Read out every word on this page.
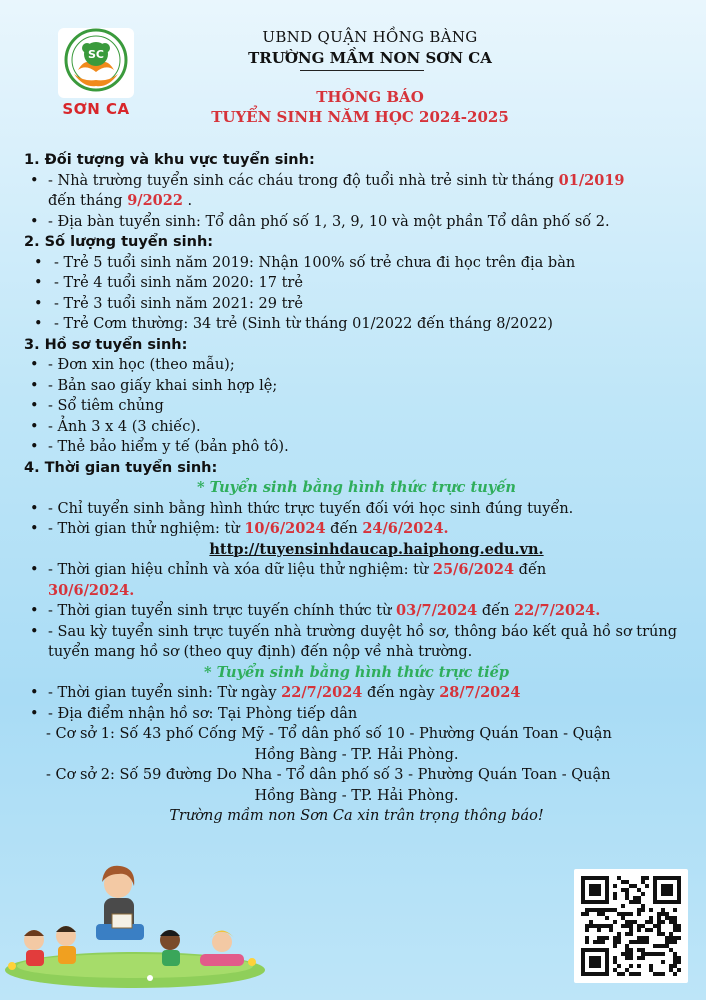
SC
SƠN CA
UBND QUẬN HỒNG BÀNG
TRƯỜNG MẦM NON SƠN CA
THÔNG BÁO
TUYỂN SINH NĂM HỌC 2024-2025
1. Đối tượng và khu vực tuyển sinh:
• - Nhà trường tuyển sinh các cháu trong độ tuổi nhà trẻ sinh từ tháng 01/2019
đến tháng 9/2022 .
• - Địa bàn tuyển sinh: Tổ dân phố số 1, 3, 9, 10 và một phần Tổ dân phố số 2.
2. Số lượng tuyển sinh:
• - Trẻ 5 tuổi sinh năm 2019: Nhận 100% số trẻ chưa đi học trên địa bàn
• - Trẻ 4 tuổi sinh năm 2020: 17 trẻ
• - Trẻ 3 tuổi sinh năm 2021: 29 trẻ
• - Trẻ Cơm thường: 34 trẻ (Sinh từ tháng 01/2022 đến tháng 8/2022)
3. Hồ sơ tuyển sinh:
• - Đơn xin học (theo mẫu);
• - Bản sao giấy khai sinh hợp lệ;
• - Sổ tiêm chủng
• - Ảnh 3 x 4 (3 chiếc).
• - Thẻ bảo hiểm y tế (bản phô tô).
4. Thời gian tuyển sinh:
* Tuyển sinh bằng hình thức trực tuyến
• - Chỉ tuyển sinh bằng hình thức trực tuyến đối với học sinh đúng tuyển.
• - Thời gian thử nghiệm: từ 10/6/2024 đến 24/6/2024.
http://tuyensinhdaucap.haiphong.edu.vn.
• - Thời gian hiệu chỉnh và xóa dữ liệu thử nghiệm: từ 25/6/2024 đến
30/6/2024.
• - Thời gian tuyển sinh trực tuyến chính thức từ 03/7/2024 đến 22/7/2024.
• - Sau kỳ tuyển sinh trực tuyến nhà trường duyệt hồ sơ, thông báo kết quả hồ sơ trúng tuyển mang hồ sơ (theo quy định) đến nộp về nhà trường.
* Tuyển sinh bằng hình thức trực tiếp
• - Thời gian tuyển sinh: Từ ngày 22/7/2024 đến ngày 28/7/2024
• - Địa điểm nhận hồ sơ: Tại Phòng tiếp dân
- Cơ sở 1: Số 43 phố Cống Mỹ - Tổ dân phố số 10 - Phường Quán Toan - Quận
Hồng Bàng - TP. Hải Phòng.
- Cơ sở 2: Số 59 đường Do Nha - Tổ dân phố số 3 - Phường Quán Toan - Quận
Hồng Bàng - TP. Hải Phòng.
Trường mầm non Sơn Ca xin trân trọng thông báo!
